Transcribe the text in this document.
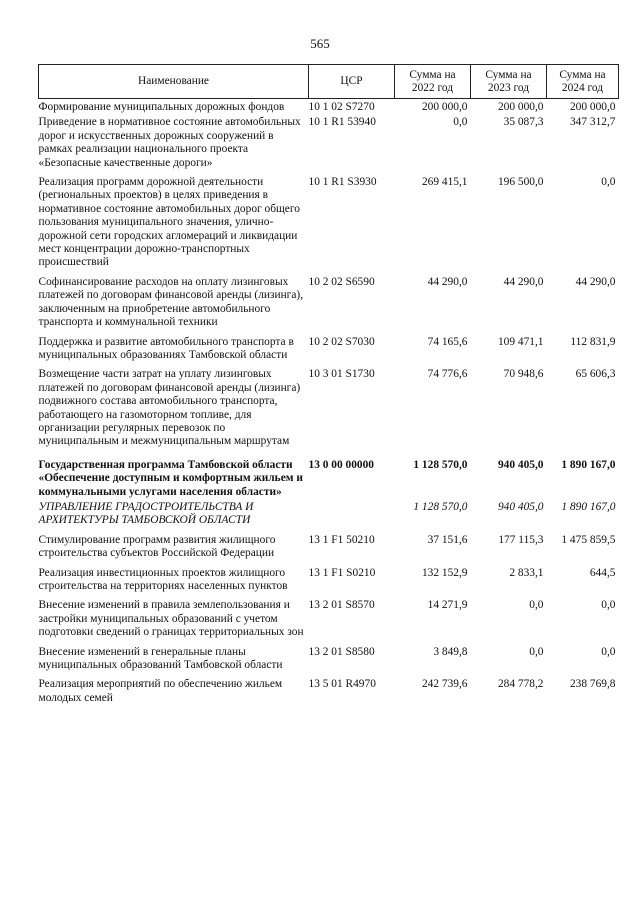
565
Наименование	ЦСР	Сумма на 2022 год	Сумма на 2023 год	Сумма на 2024 год

Формирование муниципальных дорожных фондов	10 1 02 S7270	200 000,0	200 000,0	200 000,0

Приведение в нормативное состояние автомобильных дорог и искусственных дорожных сооружений в рамках реализации национального проекта «Безопасные качественные дороги»	10 1 R1 53940	0,0	35 087,3	347 312,7

Реализация программ дорожной деятельности (региональных проектов) в целях приведения в нормативное состояние автомобильных дорог общего пользования муниципального значения, улично-дорожной сети городских агломераций и ликвидации мест концентрации дорожно-транспортных происшествий	10 1 R1 S3930	269 415,1	196 500,0	0,0

Софинансирование расходов на оплату лизинговых платежей по договорам финансовой аренды (лизинга), заключенным на приобретение автомобильного транспорта и коммунальной техники	10 2 02 S6590	44 290,0	44 290,0	44 290,0

Поддержка и развитие автомобильного транспорта в муниципальных образованиях Тамбовской области	10 2 02 S7030	74 165,6	109 471,1	112 831,9

Возмещение части затрат на уплату лизинговых платежей по договорам финансовой аренды (лизинга) подвижного состава автомобильного транспорта, работающего на газомоторном топливе, для организации регулярных перевозок по муниципальным и межмуниципальным маршрутам	10 3 01 S1730	74 776,6	70 948,6	65 606,3

Государственная программа Тамбовской области «Обеспечение доступным и комфортным жильем и коммунальными услугами населения области»	13 0 00 00000	1 128 570,0	940 405,0	1 890 167,0

УПРАВЛЕНИЕ ГРАДОСТРОИТЕЛЬСТВА И АРХИТЕКТУРЫ ТАМБОВСКОЙ ОБЛАСТИ		1 128 570,0	940 405,0	1 890 167,0

Стимулирование программ развития жилищного строительства субъектов Российской Федерации	13 1 F1 50210	37 151,6	177 115,3	1 475 859,5

Реализация инвестиционных проектов жилищного строительства на территориях населенных пунктов	13 1 F1 S0210	132 152,9	2 833,1	644,5

Внесение изменений в правила землепользования и застройки муниципальных образований с учетом подготовки сведений о границах территориальных зон	13 2 01 S8570	14 271,9	0,0	0,0

Внесение изменений в генеральные планы муниципальных образований Тамбовской области	13 2 01 S8580	3 849,8	0,0	0,0

Реализация мероприятий по обеспечению жильем молодых семей	13 5 01 R4970	242 739,6	284 778,2	238 769,8
